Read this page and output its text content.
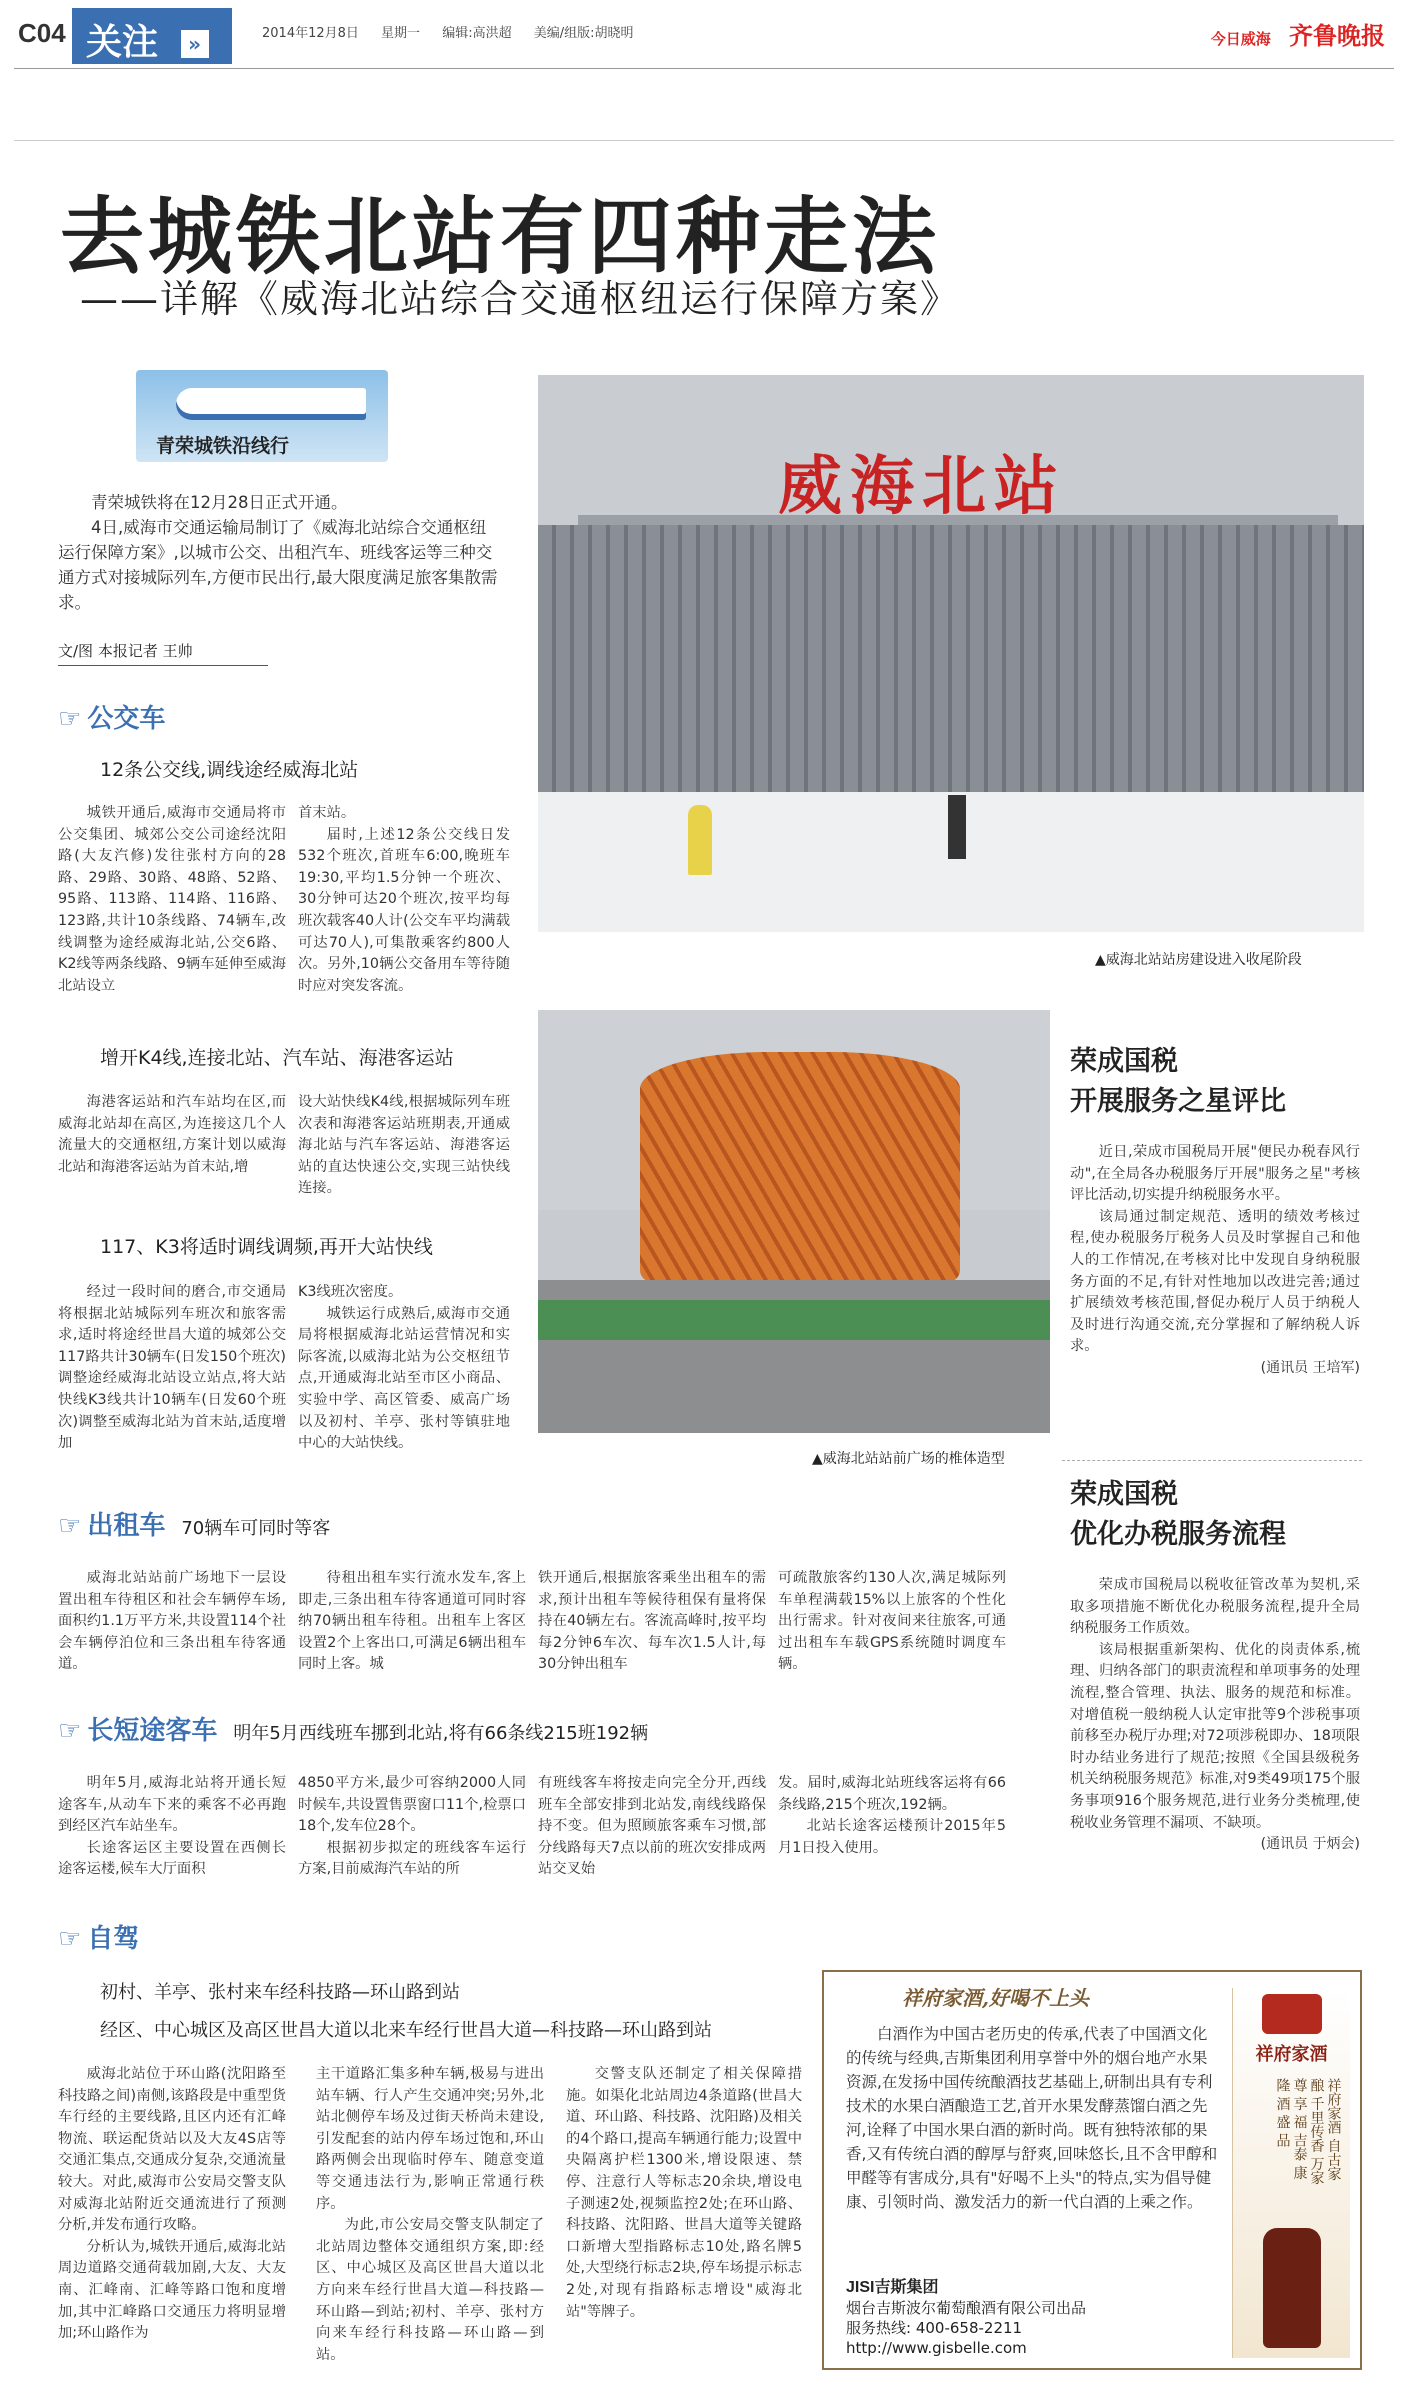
C04 关注 »	2014年12月8日 星期一 编辑:高洪超 美编/组版:胡晓明	今日威海 齐鲁晚报
去城铁北站有四种走法
——详解《威海北站综合交通枢纽运行保障方案》
青荣城铁沿线行

青荣城铁将在12月28日正式开通。

4日,威海市交通运输局制订了《威海北站综合交通枢纽运行保障方案》,以城市公交、出租汽车、班线客运等三种交通方式对接城际列车,方便市民出行,最大限度满足旅客集散需求。

文/图 本报记者 王帅
☞ 公交车
12条公交线,调线途经威海北站

城铁开通后,威海市交通局将市公交集团、城郊公交公司途经沈阳路(大友汽修)发往张村方向的28路、29路、30路、48路、52路、95路、113路、114路、116路、123路,共计10条线路、74辆车,改线调整为途经威海北站,公交6路、K2线等两条线路、9辆车延伸至威海北站设立

首末站。

届时,上述12条公交线日发532个班次,首班车6:00,晚班车19:30,平均1.5分钟一个班次、30分钟可达20个班次,按平均每班次载客40人计(公交车平均满载可达70人),可集散乘客约800人次。另外,10辆公交备用车等待随时应对突发客流。

增开K4线,连接北站、汽车站、海港客运站

海港客运站和汽车站均在区,而威海北站却在高区,为连接这几个人流量大的交通枢纽,方案计划以威海北站和海港客运站为首末站,增

设大站快线K4线,根据城际列车班次表和海港客运站班期表,开通威海北站与汽车客运站、海港客运站的直达快速公交,实现三站快线连接。

117、K3将适时调线调频,再开大站快线

经过一段时间的磨合,市交通局将根据北站城际列车班次和旅客需求,适时将途经世昌大道的城郊公交117路共计30辆车(日发150个班次)调整途经威海北站设立站点,将大站快线K3线共计10辆车(日发60个班次)调整至威海北站为首末站,适度增加

K3线班次密度。

城铁运行成熟后,威海市交通局将根据威海北站运营情况和实际客流,以威海北站为公交枢纽节点,开通威海北站至市区小商品、实验中学、高区管委、威高广场以及初村、羊亭、张村等镇驻地中心的大站快线。

威海北站
▲威海北站站房建设进入收尾阶段
▲威海北站站前广场的椎体造型
荣成国税
开展服务之星评比

近日,荣成市国税局开展"便民办税春风行动",在全局各办税服务厅开展"服务之星"考核评比活动,切实提升纳税服务水平。

该局通过制定规范、透明的绩效考核过程,使办税服务厅税务人员及时掌握自己和他人的工作情况,在考核对比中发现自身纳税服务方面的不足,有针对性地加以改进完善;通过扩展绩效考核范围,督促办税厅人员于纳税人及时进行沟通交流,充分掌握和了解纳税人诉求。

(通讯员 王培军)
荣成国税
优化办税服务流程

荣成市国税局以税收征管改革为契机,采取多项措施不断优化办税服务流程,提升全局纳税服务工作质效。

该局根据重新架构、优化的岗责体系,梳理、归纳各部门的职责流程和单项事务的处理流程,整合管理、执法、服务的规范和标准。对增值税一般纳税人认定审批等9个涉税事项前移至办税厅办理;对72项涉税即办、18项限时办结业务进行了规范;按照《全国县级税务机关纳税服务规范》标准,对9类49项175个服务事项916个服务规范,进行业务分类梳理,使税收业务管理不漏项、不缺项。

(通讯员 于炳会)
☞ 出租车 70辆车可同时等客

威海北站站前广场地下一层设置出租车待租区和社会车辆停车场,面积约1.1万平方米,共设置114个社会车辆停泊位和三条出租车待客通道。

待租出租车实行流水发车,客上即走,三条出租车待客通道可同时容纳70辆出租车待租。出租车上客区设置2个上客出口,可满足6辆出租车同时上客。城

铁开通后,根据旅客乘坐出租车的需求,预计出租车等候待租保有量将保持在40辆左右。客流高峰时,按平均每2分钟6车次、每车次1.5人计,每30分钟出租车

可疏散旅客约130人次,满足城际列车单程满载15%以上旅客的个性化出行需求。针对夜间来往旅客,可通过出租车车载GPS系统随时调度车辆。

☞ 长短途客车 明年5月西线班车挪到北站,将有66条线215班192辆

明年5月,威海北站将开通长短途客车,从动车下来的乘客不必再跑到经区汽车站坐车。

长途客运区主要设置在西侧长途客运楼,候车大厅面积

4850平方米,最少可容纳2000人同时候车,共设置售票窗口11个,检票口18个,发车位28个。

根据初步拟定的班线客车运行方案,目前威海汽车站的所

有班线客车将按走向完全分开,西线班车全部安排到北站发,南线线路保持不变。但为照顾旅客乘车习惯,部分线路每天7点以前的班次安排成两站交叉始

发。届时,威海北站班线客运将有66条线路,215个班次,192辆。

北站长途客运楼预计2015年5月1日投入使用。

☞ 自驾
初村、羊亭、张村来车经科技路—环山路到站
经区、中心城区及高区世昌大道以北来车经行世昌大道—科技路—环山路到站

威海北站位于环山路(沈阳路至科技路之间)南侧,该路段是中重型货车行经的主要线路,且区内还有汇峰物流、联运配货站以及大友4S店等交通汇集点,交通成分复杂,交通流量较大。对此,威海市公安局交警支队对威海北站附近交通流进行了预测分析,并发布通行攻略。

分析认为,城铁开通后,威海北站周边道路交通荷载加剧,大友、大友南、汇峰南、汇峰等路口饱和度增加,其中汇峰路口交通压力将明显增加;环山路作为

主干道路汇集多种车辆,极易与进出站车辆、行人产生交通冲突;另外,北站北侧停车场及过街天桥尚未建设,引发配套的站内停车场过饱和,环山路两侧会出现临时停车、随意变道等交通违法行为,影响正常通行秩序。

为此,市公安局交警支队制定了北站周边整体交通组织方案,即:经区、中心城区及高区世昌大道以北方向来车经行世昌大道—科技路—环山路—到站;初村、羊亭、张村方向来车经行科技路—环山路—到站。

交警支队还制定了相关保障措施。如渠化北站周边4条道路(世昌大道、环山路、科技路、沈阳路)及相关的4个路口,提高车辆通行能力;设置中央隔离护栏1300米,增设限速、禁停、注意行人等标志20余块,增设电子测速2处,视频监控2处;在环山路、科技路、沈阳路、世昌大道等关键路口新增大型指路标志10处,路名牌5处,大型绕行标志2块,停车场提示标志2处,对现有指路标志增设"威海北站"等牌子。

祥府家酒,好喝不上头
白酒作为中国古老历史的传承,代表了中国酒文化的传统与经典,吉斯集团利用享誉中外的烟台地产水果资源,在发扬中国传统酿酒技艺基础上,研制出具有专利技术的水果白酒酿造工艺,首开水果发酵蒸馏白酒之先河,诠释了中国水果白酒的新时尚。既有独特浓郁的果香,又有传统白酒的醇厚与舒爽,回味悠长,且不含甲醇和甲醛等有害成分,具有"好喝不上头"的特点,实为倡导健康、引领时尚、激发活力的新一代白酒的上乘之作。
祥府家酒
祥府家酒 自古家酿 千里传香 万家尊 享 福 吉泰 康 隆 酒 盛 品
JISI吉斯集团
烟台吉斯波尔葡萄酿酒有限公司出品
服务热线: 400-658-2211
http://www.gisbelle.com
